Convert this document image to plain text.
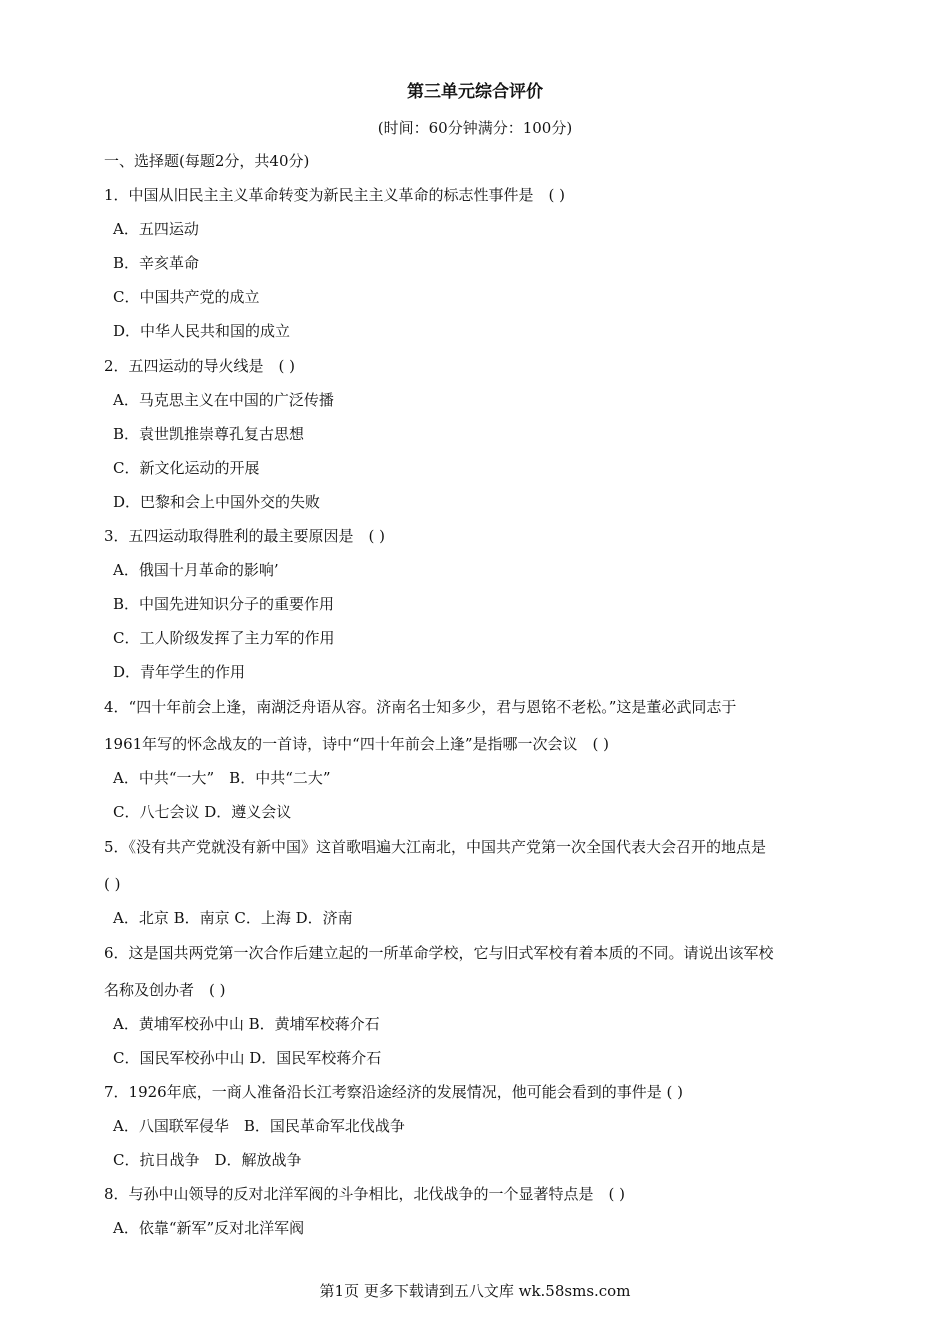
第三单元综合评价
(时间：60分钟满分：100分)
一、选择题(每题2分，共40分)
1．中国从旧民主主义革命转变为新民主主义革命的标志性事件是　( )
A．五四运动
B．辛亥革命
C．中国共产党的成立
D．中华人民共和国的成立
2．五四运动的导火线是　( )
A．马克思主义在中国的广泛传播
B．袁世凯推崇尊孔复古思想
C．新文化运动的开展
D．巴黎和会上中国外交的失败
3．五四运动取得胜利的最主要原因是　( )
A．俄国十月革命的影响’
B．中国先进知识分子的重要作用
C．工人阶级发挥了主力军的作用
D．青年学生的作用
4．“四十年前会上逢，南湖泛舟语从容。济南名士知多少，君与恩铭不老松。”这是董必武同志于
1961年写的怀念战友的一首诗，诗中“四十年前会上逢”是指哪一次会议　( )
A．中共“一大”　B．中共“二大”
C．八七会议 D．遵义会议
5．《没有共产党就没有新中国》这首歌唱遍大江南北，中国共产党第一次全国代表大会召开的地点是
( )
A．北京 B．南京 C．上海 D．济南
6．这是国共两党第一次合作后建立起的一所革命学校，它与旧式军校有着本质的不同。请说出该军校
名称及创办者　( )
A．黄埔军校孙中山 B．黄埔军校蒋介石
C．国民军校孙中山 D．国民军校蒋介石
7．1926年底，一商人准备沿长江考察沿途经济的发展情况，他可能会看到的事件是 ( )
A．八国联军侵华　B．国民革命军北伐战争
C．抗日战争　D．解放战争
8．与孙中山领导的反对北洋军阀的斗争相比，北伐战争的一个显著特点是　( )
A．依靠“新军”反对北洋军阀
第1页 更多下载请到五八文库 wk.58sms.com
